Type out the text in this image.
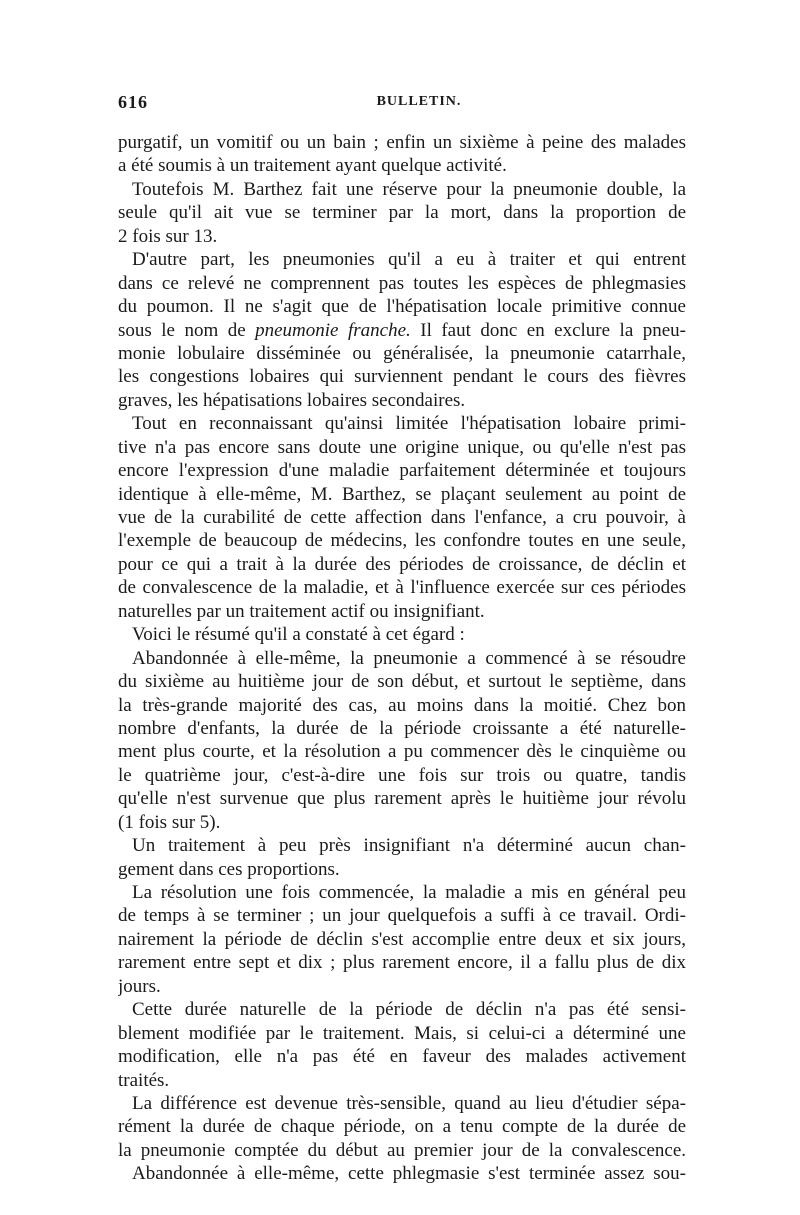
616	BULLETIN.
purgatif, un vomitif ou un bain ; enfin un sixième à peine des malades
a été soumis à un traitement ayant quelque activité.
Toutefois M. Barthez fait une réserve pour la pneumonie double, la
seule qu'il ait vue se terminer par la mort, dans la proportion de
2 fois sur 13.
D'autre part, les pneumonies qu'il a eu à traiter et qui entrent
dans ce relevé ne comprennent pas toutes les espèces de phlegmasies
du poumon. Il ne s'agit que de l'hépatisation locale primitive connue
sous le nom de pneumonie franche. Il faut donc en exclure la pneu-
monie lobulaire disséminée ou généralisée, la pneumonie catarrhale,
les congestions lobaires qui surviennent pendant le cours des fièvres
graves, les hépatisations lobaires secondaires.
Tout en reconnaissant qu'ainsi limitée l'hépatisation lobaire primi-
tive n'a pas encore sans doute une origine unique, ou qu'elle n'est pas
encore l'expression d'une maladie parfaitement déterminée et toujours
identique à elle-même, M. Barthez, se plaçant seulement au point de
vue de la curabilité de cette affection dans l'enfance, a cru pouvoir, à
l'exemple de beaucoup de médecins, les confondre toutes en une seule,
pour ce qui a trait à la durée des périodes de croissance, de déclin et
de convalescence de la maladie, et à l'influence exercée sur ces périodes
naturelles par un traitement actif ou insignifiant.
Voici le résumé qu'il a constaté à cet égard :
Abandonnée à elle-même, la pneumonie a commencé à se résoudre
du sixième au huitième jour de son début, et surtout le septième, dans
la très-grande majorité des cas, au moins dans la moitié. Chez bon
nombre d'enfants, la durée de la période croissante a été naturelle-
ment plus courte, et la résolution a pu commencer dès le cinquième ou
le quatrième jour, c'est-à-dire une fois sur trois ou quatre, tandis
qu'elle n'est survenue que plus rarement après le huitième jour révolu
(1 fois sur 5).
Un traitement à peu près insignifiant n'a déterminé aucun chan-
gement dans ces proportions.
La résolution une fois commencée, la maladie a mis en général peu
de temps à se terminer ; un jour quelquefois a suffi à ce travail. Ordi-
nairement la période de déclin s'est accomplie entre deux et six jours,
rarement entre sept et dix ; plus rarement encore, il a fallu plus de dix
jours.
Cette durée naturelle de la période de déclin n'a pas été sensi-
blement modifiée par le traitement. Mais, si celui-ci a déterminé une
modification, elle n'a pas été en faveur des malades activement
traités.
La différence est devenue très-sensible, quand au lieu d'étudier sépa-
rément la durée de chaque période, on a tenu compte de la durée de
la pneumonie comptée du début au premier jour de la convalescence.
Abandonnée à elle-même, cette phlegmasie s'est terminée assez sou-
